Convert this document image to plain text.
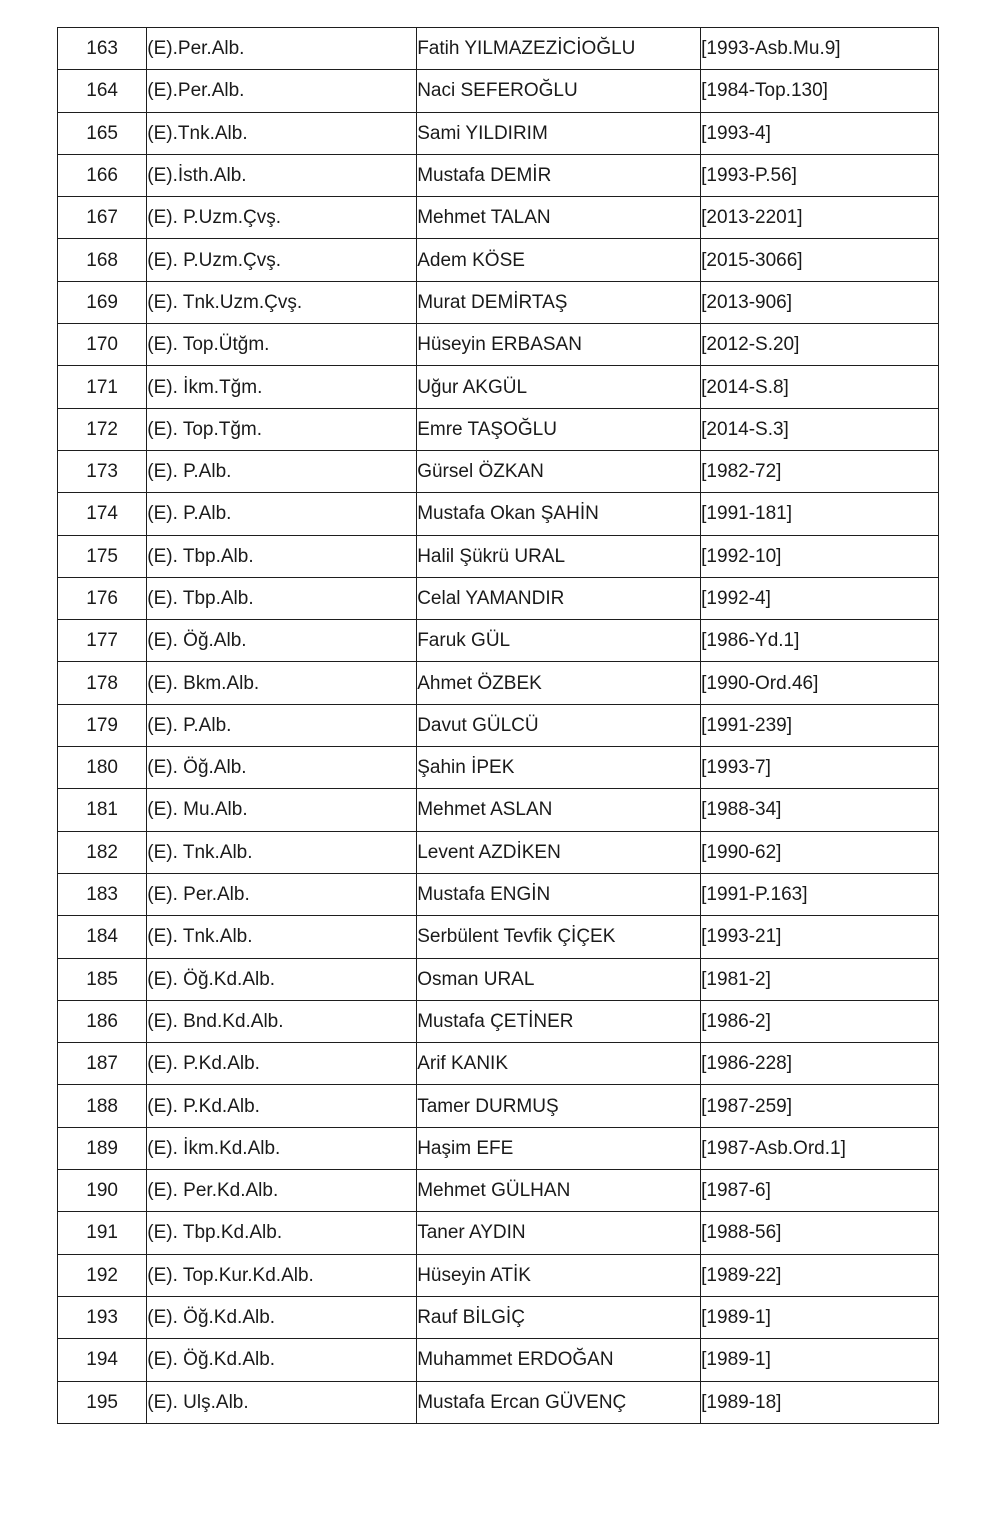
163	(E).Per.Alb.	Fatih YILMAZEZİCİOĞLU	[1993-Asb.Mu.9]
164	(E).Per.Alb.	Naci SEFEROĞLU	[1984-Top.130]
165	(E).Tnk.Alb.	Sami YILDIRIM	[1993-4]
166	(E).İsth.Alb.	Mustafa DEMİR	[1993-P.56]
167	(E). P.Uzm.Çvş.	Mehmet TALAN	[2013-2201]
168	(E). P.Uzm.Çvş.	Adem KÖSE	[2015-3066]
169	(E). Tnk.Uzm.Çvş.	Murat DEMİRTAŞ	[2013-906]
170	(E). Top.Ütğm.	Hüseyin ERBASAN	[2012-S.20]
171	(E). İkm.Tğm.	Uğur AKGÜL	[2014-S.8]
172	(E). Top.Tğm.	Emre TAŞOĞLU	[2014-S.3]
173	(E). P.Alb.	Gürsel ÖZKAN	[1982-72]
174	(E). P.Alb.	Mustafa Okan ŞAHİN	[1991-181]
175	(E). Tbp.Alb.	Halil Şükrü URAL	[1992-10]
176	(E). Tbp.Alb.	Celal YAMANDIR	[1992-4]
177	(E). Öğ.Alb.	Faruk GÜL	[1986-Yd.1]
178	(E). Bkm.Alb.	Ahmet ÖZBEK	[1990-Ord.46]
179	(E). P.Alb.	Davut GÜLCÜ	[1991-239]
180	(E). Öğ.Alb.	Şahin İPEK	[1993-7]
181	(E). Mu.Alb.	Mehmet ASLAN	[1988-34]
182	(E). Tnk.Alb.	Levent AZDİKEN	[1990-62]
183	(E). Per.Alb.	Mustafa ENGİN	[1991-P.163]
184	(E). Tnk.Alb.	Serbülent Tevfik ÇİÇEK	[1993-21]
185	(E). Öğ.Kd.Alb.	Osman URAL	[1981-2]
186	(E). Bnd.Kd.Alb.	Mustafa ÇETİNER	[1986-2]
187	(E). P.Kd.Alb.	Arif KANIK	[1986-228]
188	(E). P.Kd.Alb.	Tamer DURMUŞ	[1987-259]
189	(E). İkm.Kd.Alb.	Haşim EFE	[1987-Asb.Ord.1]
190	(E). Per.Kd.Alb.	Mehmet GÜLHAN	[1987-6]
191	(E). Tbp.Kd.Alb.	Taner AYDIN	[1988-56]
192	(E). Top.Kur.Kd.Alb.	Hüseyin ATİK	[1989-22]
193	(E). Öğ.Kd.Alb.	Rauf BİLGİÇ	[1989-1]
194	(E). Öğ.Kd.Alb.	Muhammet ERDOĞAN	[1989-1]
195	(E). Ulş.Alb.	Mustafa Ercan GÜVENÇ	[1989-18]
